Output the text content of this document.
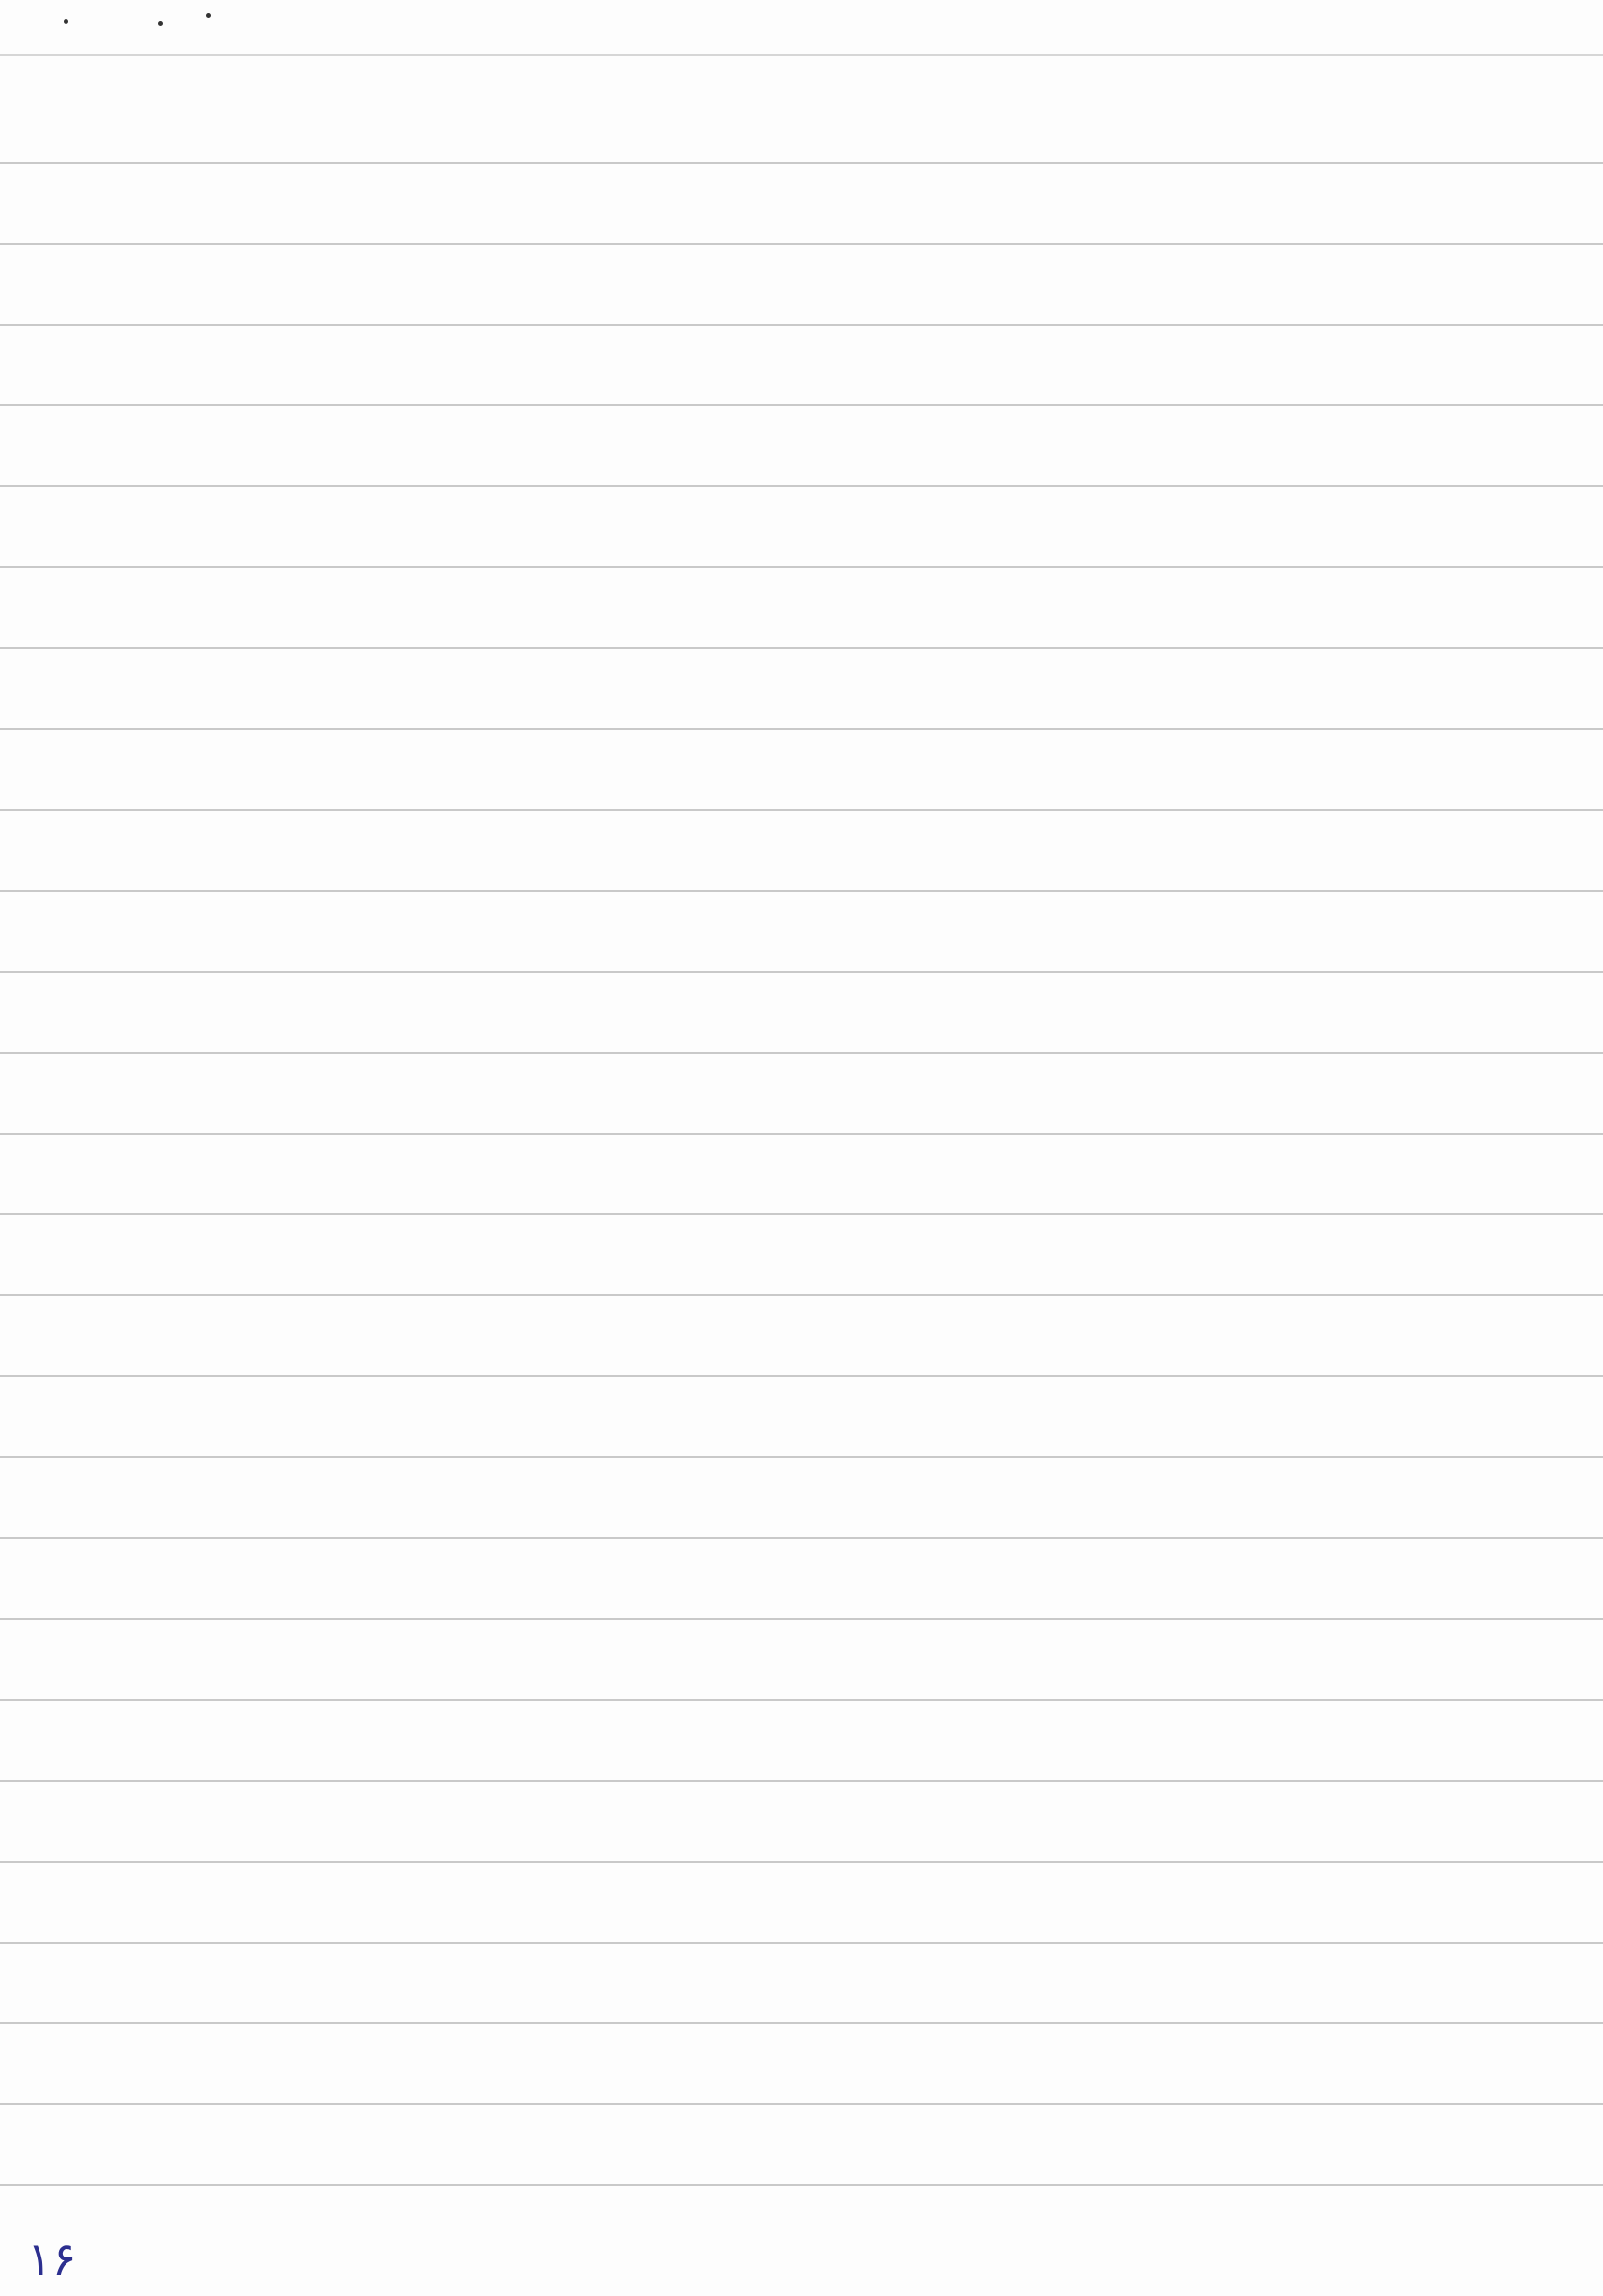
۱۶
